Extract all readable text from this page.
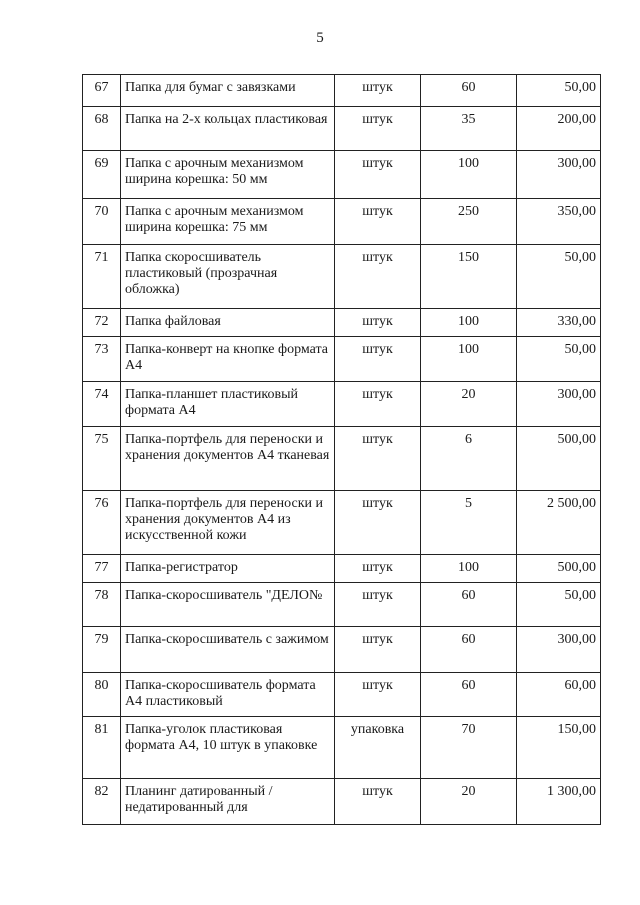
5
67	Папка для бумаг с завязками	штук	60	50,00
68	Папка на 2-х кольцах пластиковая	штук	35	200,00
69	Папка с арочным механизмом ширина корешка: 50 мм	штук	100	300,00
70	Папка с арочным механизмом ширина корешка: 75 мм	штук	250	350,00
71	Папка скоросшиватель пластиковый (прозрачная обложка)	штук	150	50,00
72	Папка файловая	штук	100	330,00
73	Папка-конверт на кнопке формата А4	штук	100	50,00
74	Папка-планшет пластиковый формата А4	штук	20	300,00
75	Папка-портфель для переноски и хранения документов А4 тканевая	штук	6	500,00
76	Папка-портфель для переноски и хранения документов А4 из искусственной кожи	штук	5	2 500,00
77	Папка-регистратор	штук	100	500,00
78	Папка-скоросшиватель "ДЕЛО№	штук	60	50,00
79	Папка-скоросшиватель с зажимом	штук	60	300,00
80	Папка-скоросшиватель формата А4 пластиковый	штук	60	60,00
81	Папка-уголок пластиковая формата А4, 10 штук в упаковке	упаковка	70	150,00
82	Планинг датированный / недатированный для	штук	20	1 300,00
